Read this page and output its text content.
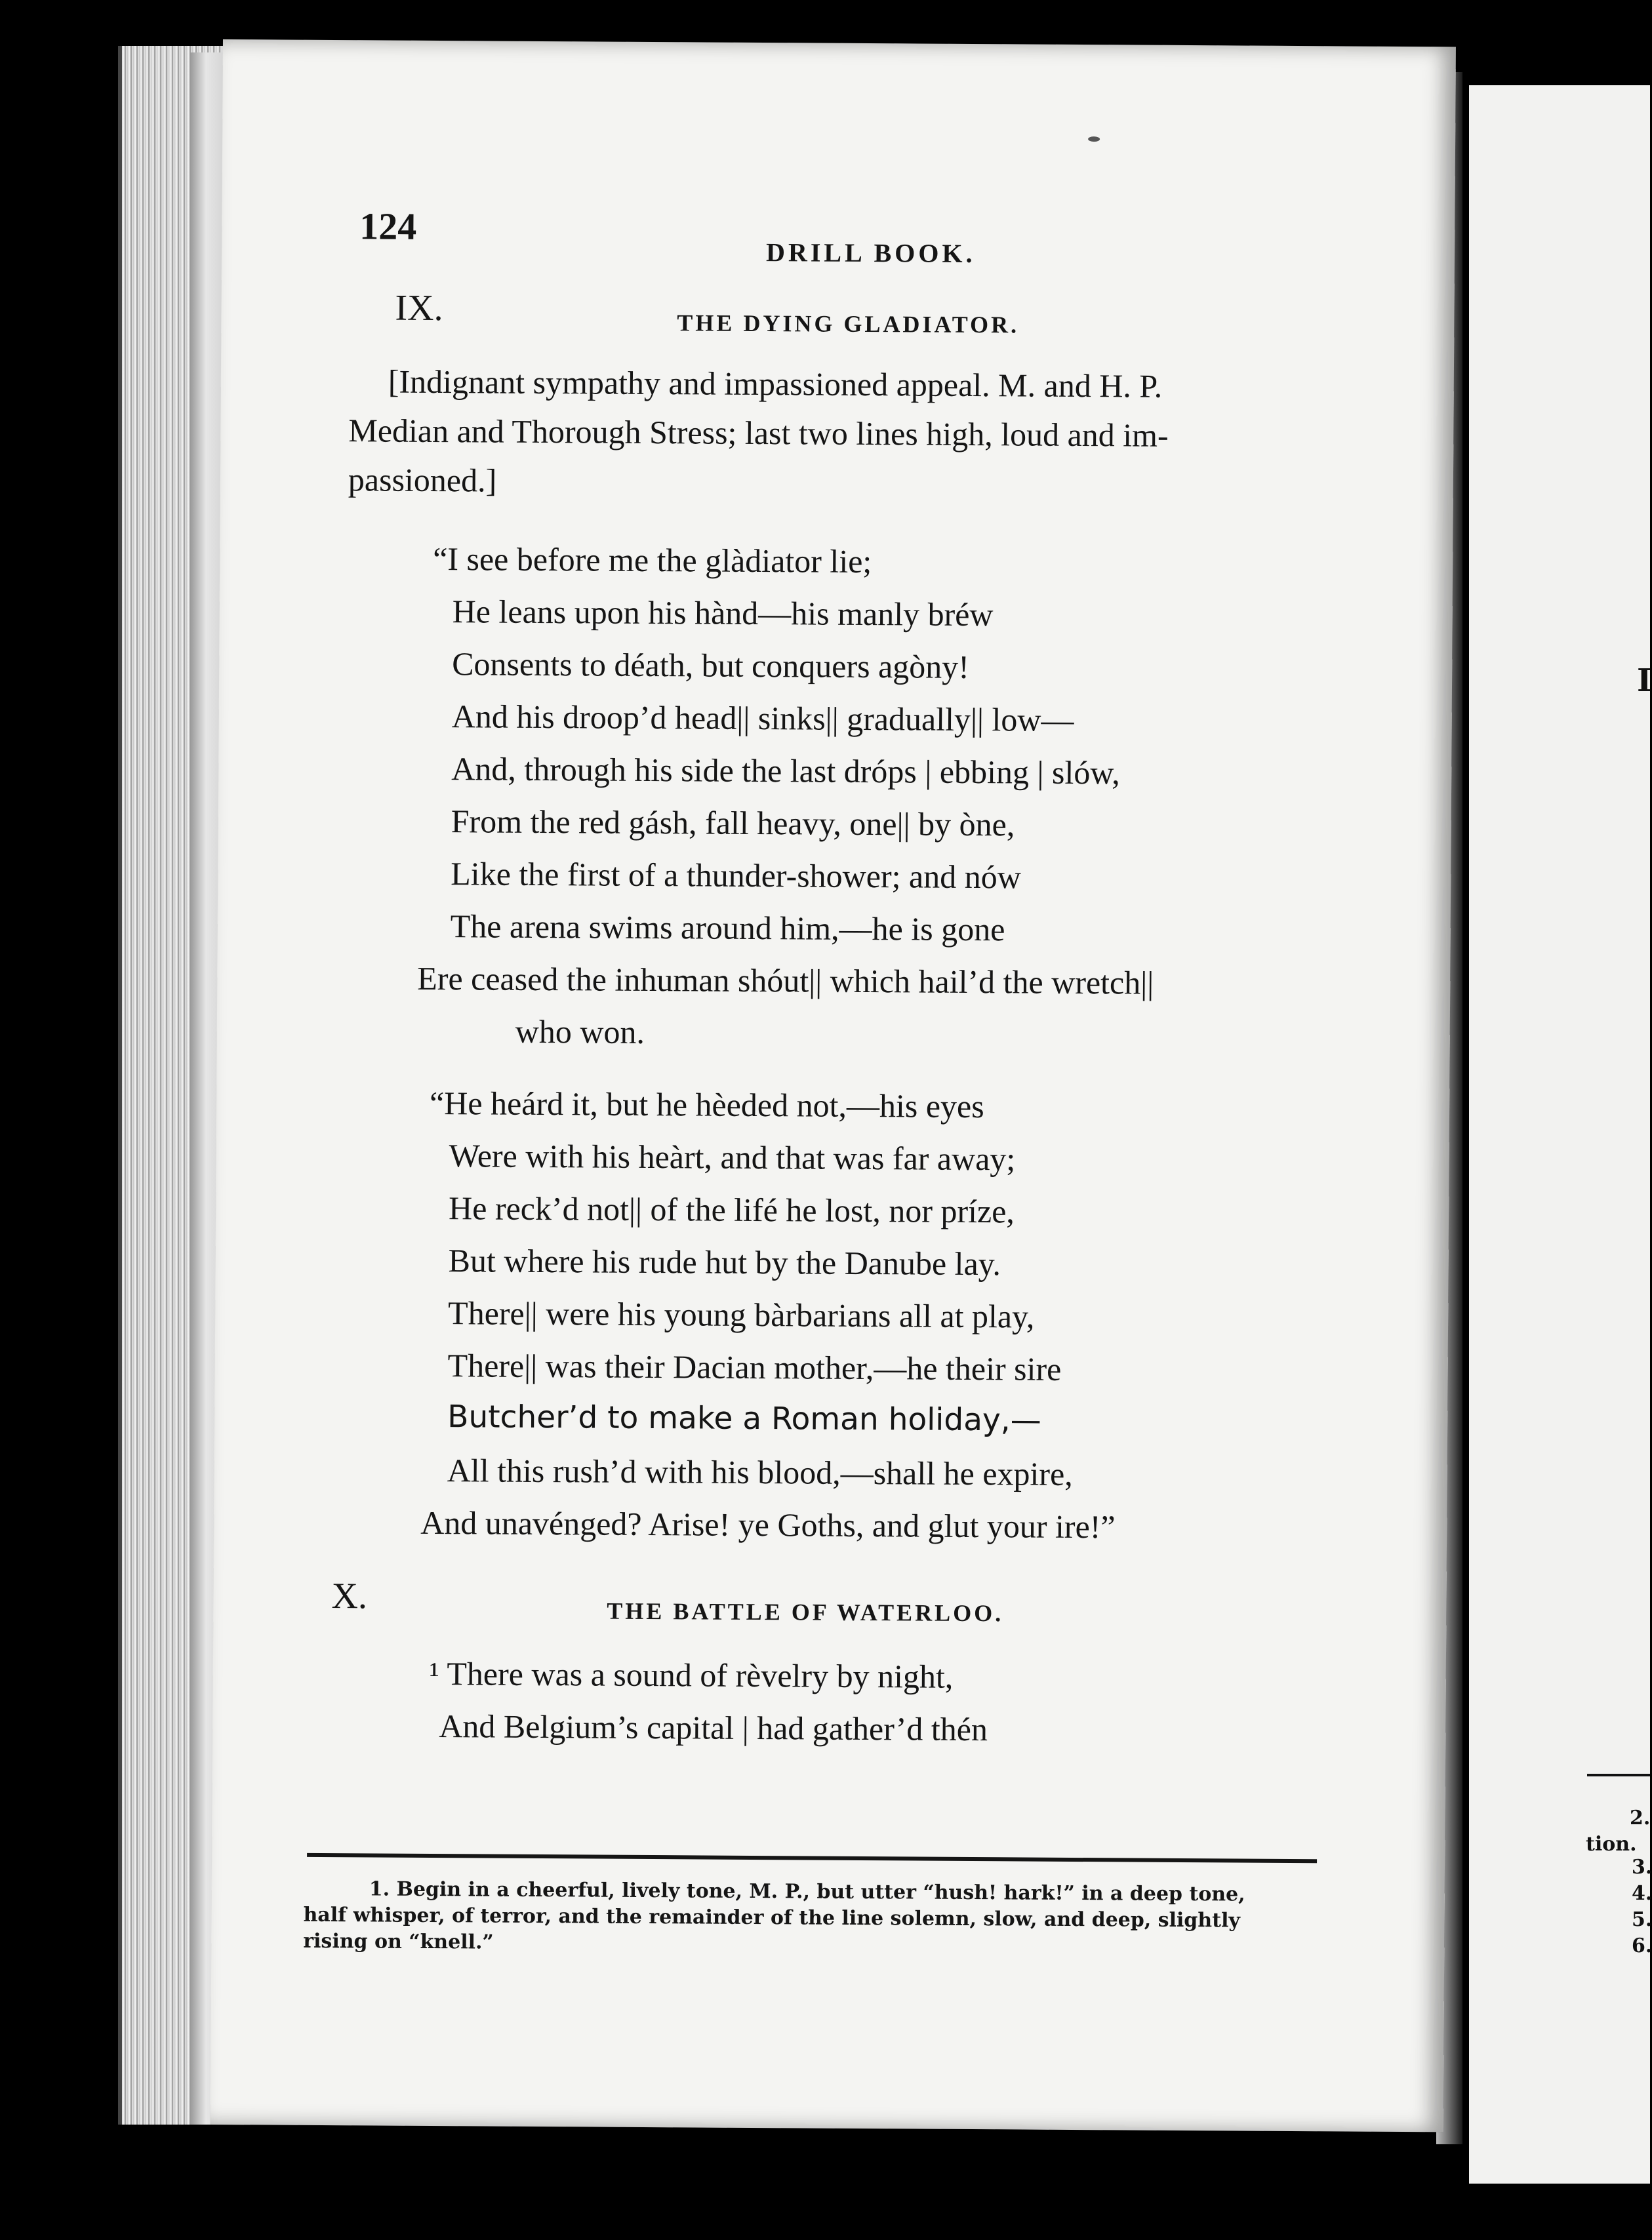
I
2.
tion.
3.
4.
5.
6.
124
DRILL BOOK.
IX.	THE DYING GLADIATOR.
[Indignant sympathy and impassioned appeal. M. and H. P.
Median and Thorough Stress; last two lines high, loud and im-
passioned.]
“I see before me the glàdiator lie;
He leans upon his hànd—his manly bréw
Consents to déath, but conquers agòny!
And his droop’d head|| sinks|| gradually|| low—
And, through his side the last dróps | ebbing | slów,
From the red gásh, fall heavy, one|| by òne,
Like the first of a thunder-shower; and nów
The arena swims around him,—he is gone
Ere ceased the inhuman shóut|| which hail’d the wretch||
who won.
“He heárd it, but he hèeded not,—his eyes
Were with his heàrt, and that was far away;
He reck’d not|| of the lifé he lost, nor príze,
But where his rude hut by the Danube lay.
There|| were his young bàrbarians all at play,
There|| was their Dacian mother,—he their sire
Butcher’d to make a Roman holiday,—
All this rush’d with his blood,—shall he expire,
And unavénged? Arise! ye Goths, and glut your ire!”
X.	THE BATTLE OF WATERLOO.
¹ There was a sound of rèvelry by night,
And Belgium’s capital | had gather’d thén
1. Begin in a cheerful, lively tone, M. P., but utter “hush! hark!” in a deep tone,
half whisper, of terror, and the remainder of the line solemn, slow, and deep, slightly
rising on “knell.”
